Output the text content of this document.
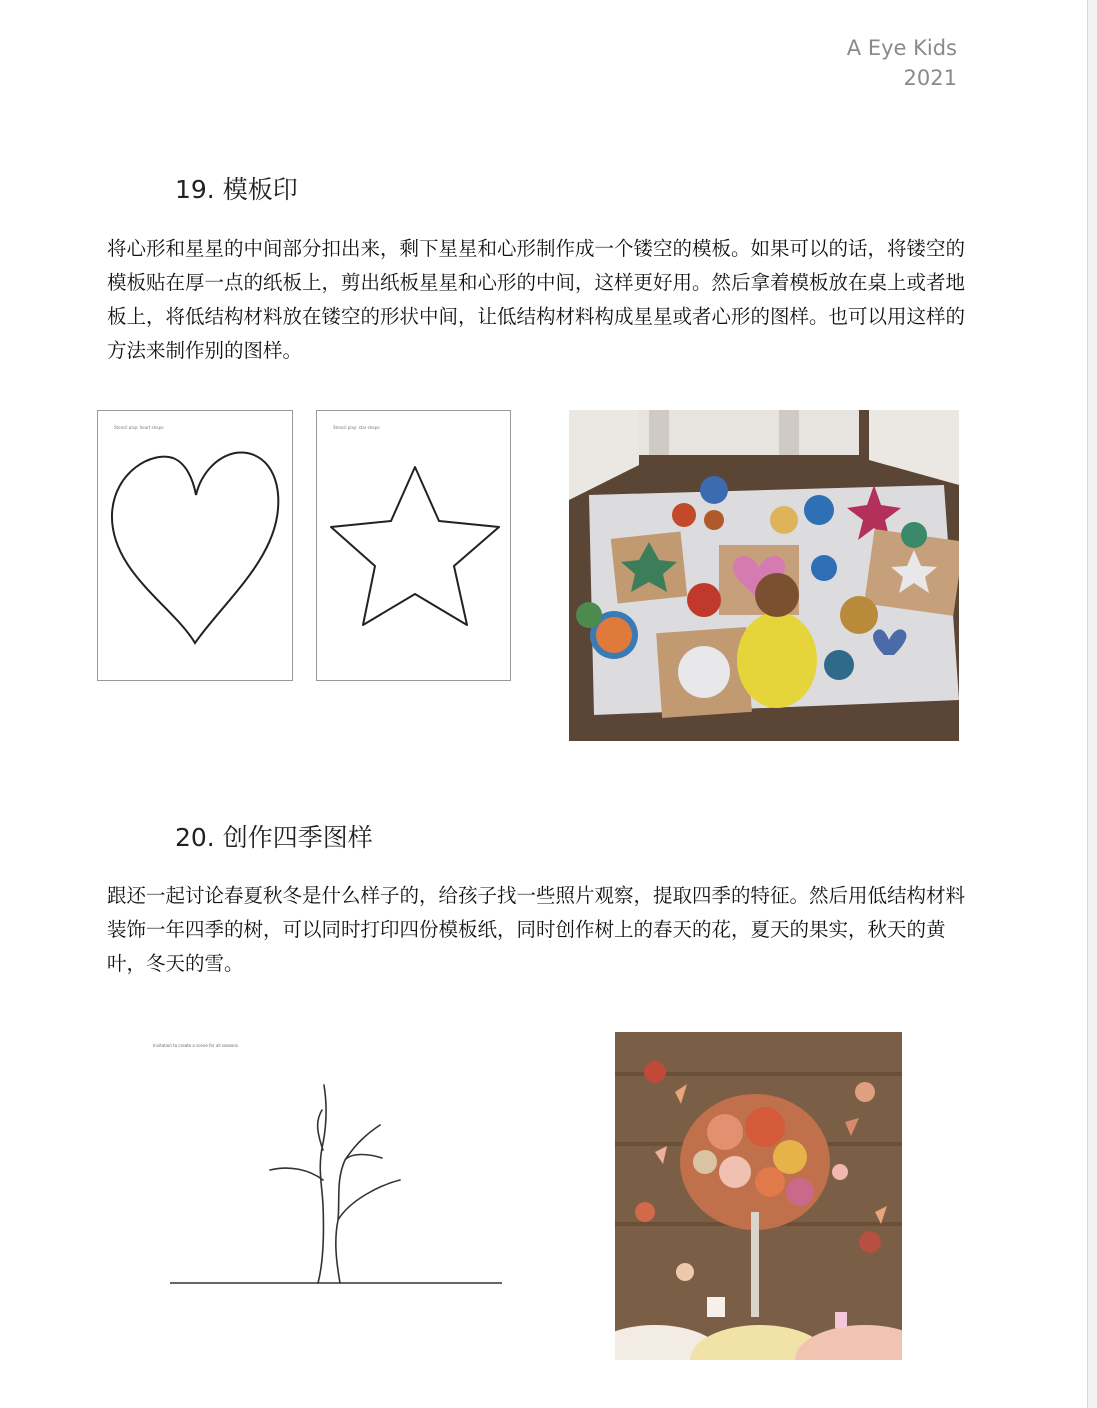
A Eye Kids
2021
19. 模板印
将心形和星星的中间部分扣出来，剩下星星和心形制作成一个镂空的模板。如果可以的话，将镂空的模板贴在厚一点的纸板上，剪出纸板星星和心形的中间，这样更好用。然后拿着模板放在桌上或者地板上，将低结构材料放在镂空的形状中间，让低结构材料构成星星或者心形的图样。也可以用这样的方法来制作别的图样。
Stencil play: heart shape	Stencil play: star shape
20. 创作四季图样
跟还一起讨论春夏秋冬是什么样子的，给孩子找一些照片观察，提取四季的特征。然后用低结构材料装饰一年四季的树，可以同时打印四份模板纸，同时创作树上的春天的花，夏天的果实，秋天的黄叶，冬天的雪。
Invitation to create a scene for all seasons
